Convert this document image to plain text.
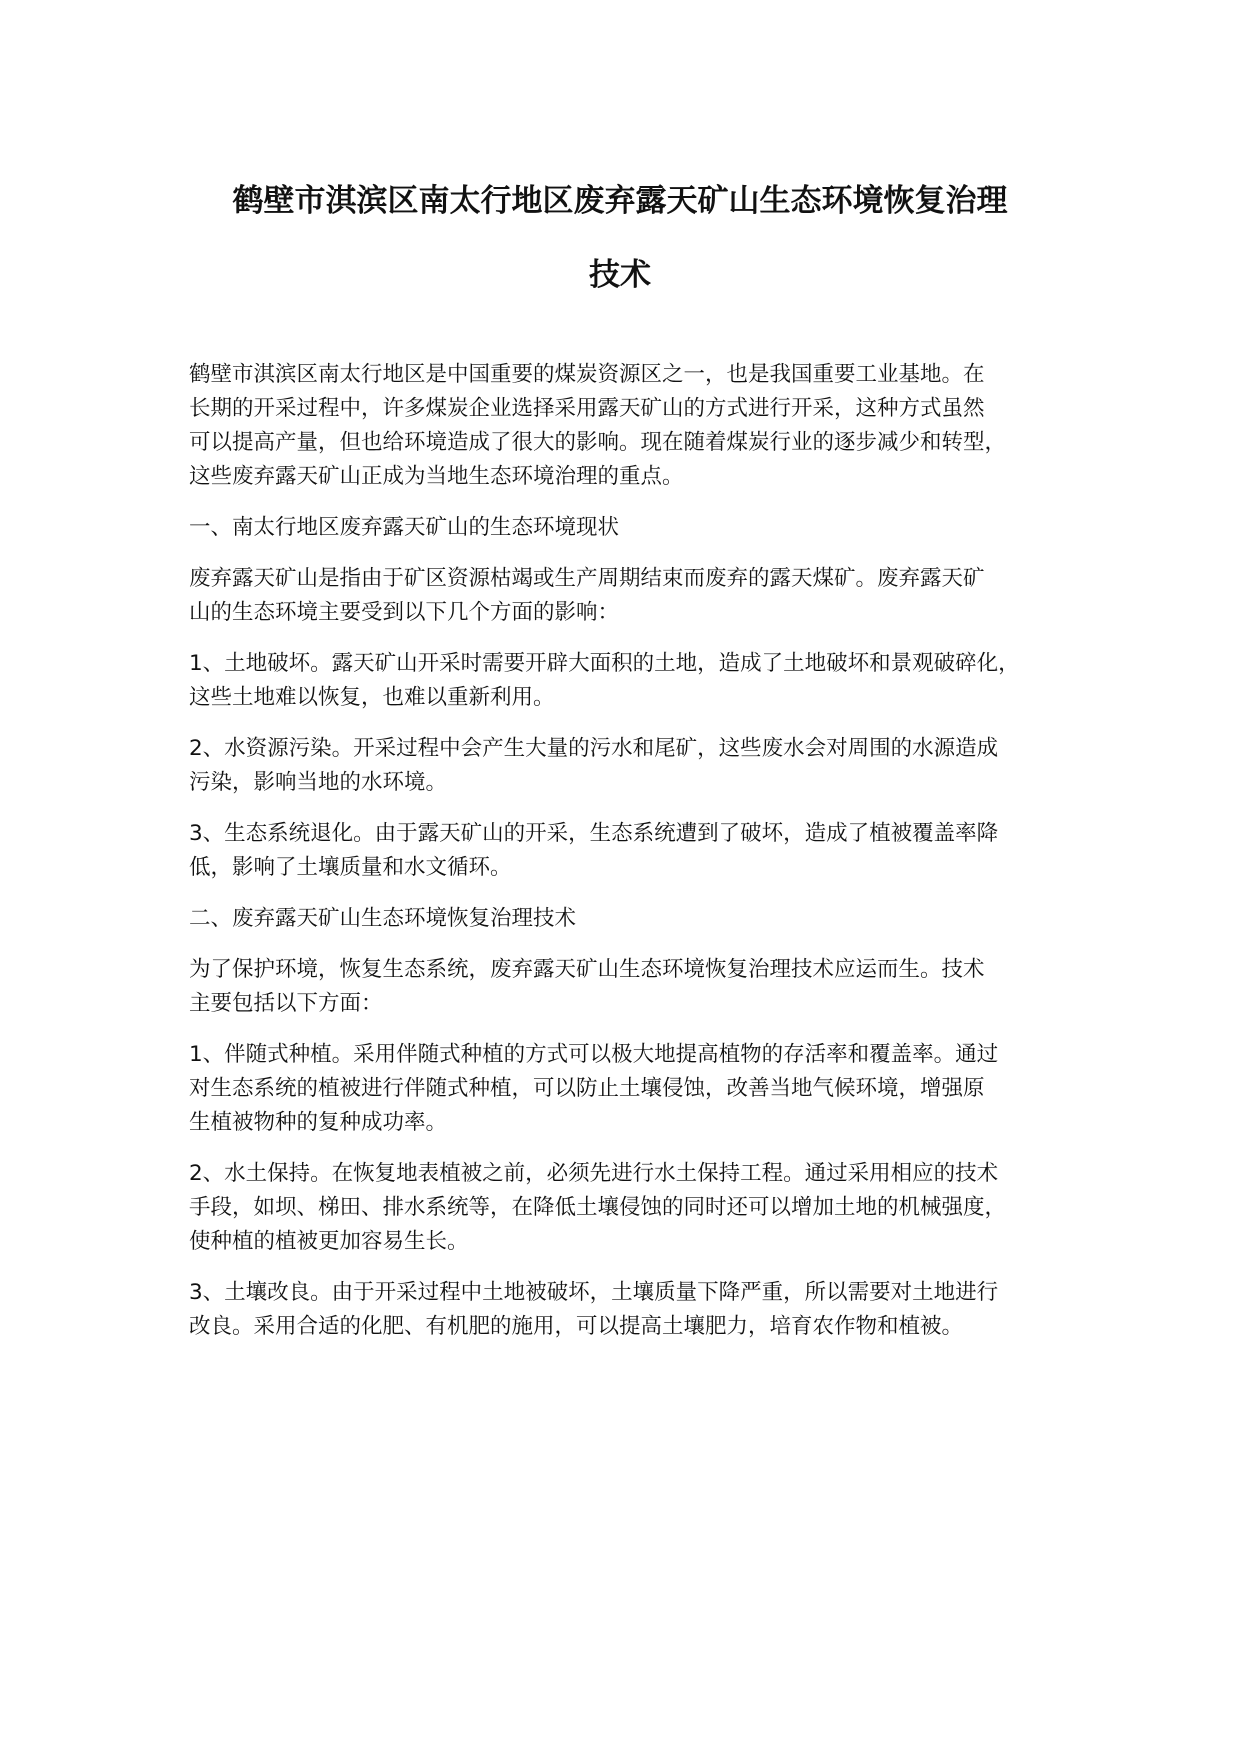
鹤壁市淇滨区南太行地区废弃露天矿山生态环境恢复治理
技术

鹤壁市淇滨区南太行地区是中国重要的煤炭资源区之一，也是我国重要工业基地。在
长期的开采过程中，许多煤炭企业选择采用露天矿山的方式进行开采，这种方式虽然
可以提高产量，但也给环境造成了很大的影响。现在随着煤炭行业的逐步减少和转型，
这些废弃露天矿山正成为当地生态环境治理的重点。

一、南太行地区废弃露天矿山的生态环境现状

废弃露天矿山是指由于矿区资源枯竭或生产周期结束而废弃的露天煤矿。废弃露天矿
山的生态环境主要受到以下几个方面的影响：

1、土地破坏。露天矿山开采时需要开辟大面积的土地，造成了土地破坏和景观破碎化，
这些土地难以恢复，也难以重新利用。

2、水资源污染。开采过程中会产生大量的污水和尾矿，这些废水会对周围的水源造成
污染，影响当地的水环境。

3、生态系统退化。由于露天矿山的开采，生态系统遭到了破坏，造成了植被覆盖率降
低，影响了土壤质量和水文循环。

二、废弃露天矿山生态环境恢复治理技术

为了保护环境，恢复生态系统，废弃露天矿山生态环境恢复治理技术应运而生。技术
主要包括以下方面：

1、伴随式种植。采用伴随式种植的方式可以极大地提高植物的存活率和覆盖率。通过
对生态系统的植被进行伴随式种植，可以防止土壤侵蚀，改善当地气候环境，增强原
生植被物种的复种成功率。

2、水土保持。在恢复地表植被之前，必须先进行水土保持工程。通过采用相应的技术
手段，如坝、梯田、排水系统等，在降低土壤侵蚀的同时还可以增加土地的机械强度，
使种植的植被更加容易生长。

3、土壤改良。由于开采过程中土地被破坏，土壤质量下降严重，所以需要对土地进行
改良。采用合适的化肥、有机肥的施用，可以提高土壤肥力，培育农作物和植被。
